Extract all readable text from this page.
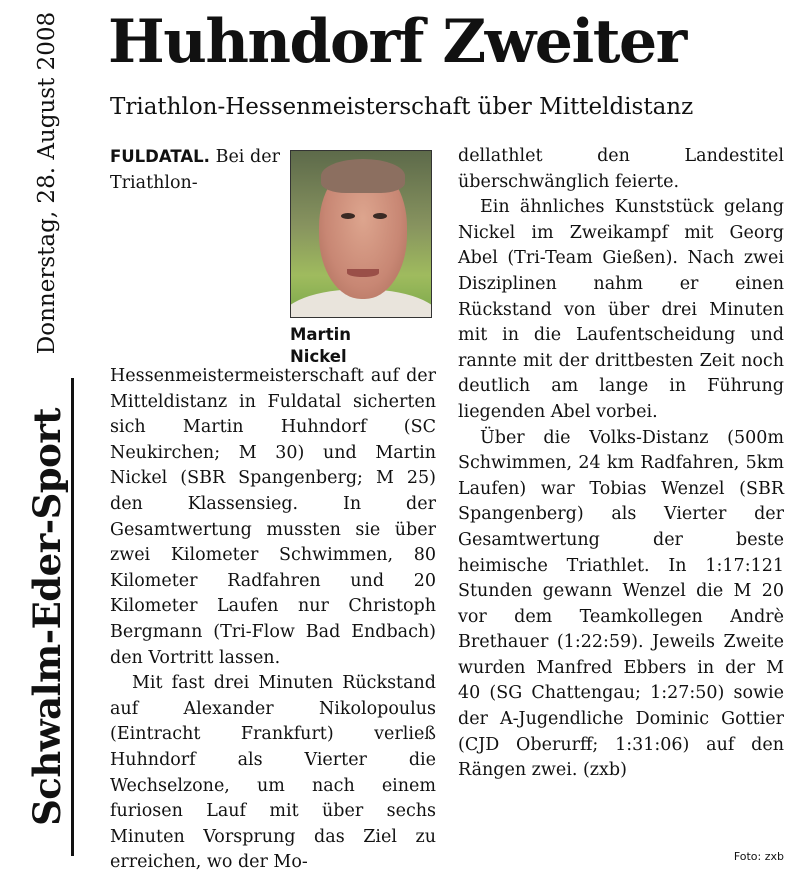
Donnerstag, 28. August 2008
Schwalm-Eder-Sport
Huhndorf Zweiter
Triathlon-Hessenmeisterschaft über Mitteldistanz
Martin
Nickel

FULDATAL. Bei der Triathlon-Hessenmeistermeisterschaft auf der Mitteldistanz in Fuldatal sicherten sich Martin Huhndorf (SC Neukirchen; M 30) und Martin Nickel (SBR Spangenberg; M 25) den Klassensieg. In der Gesamtwertung mussten sie über zwei Kilometer Schwimmen, 80 Kilometer Radfahren und 20 Kilometer Laufen nur Christoph Bergmann (Tri-Flow Bad Endbach) den Vortritt lassen.

Mit fast drei Minuten Rückstand auf Alexander Nikolopoulus (Eintracht Frankfurt) verließ Huhndorf als Vierter die Wechselzone, um nach einem furiosen Lauf mit über sechs Minuten Vorsprung das Ziel zu erreichen, wo der Mo-

dellathlet den Landestitel überschwänglich feierte.

Ein ähnliches Kunststück gelang Nickel im Zweikampf mit Georg Abel (Tri-Team Gießen). Nach zwei Disziplinen nahm er einen Rückstand von über drei Minuten mit in die Laufentscheidung und rannte mit der drittbesten Zeit noch deutlich am lange in Führung liegenden Abel vorbei.

Über die Volks-Distanz (500m Schwimmen, 24 km Radfahren, 5km Laufen) war Tobias Wenzel (SBR Spangenberg) als Vierter der Gesamtwertung der beste heimische Triathlet. In 1:17:121 Stunden gewann Wenzel die M 20 vor dem Teamkollegen Andrè Brethauer (1:22:59). Jeweils Zweite wurden Manfred Ebbers in der M 40 (SG Chattengau; 1:27:50) sowie der A-Jugendliche Dominic Gottier (CJD Oberurff; 1:31:06) auf den Rängen zwei. (zxb)

Foto: zxb
